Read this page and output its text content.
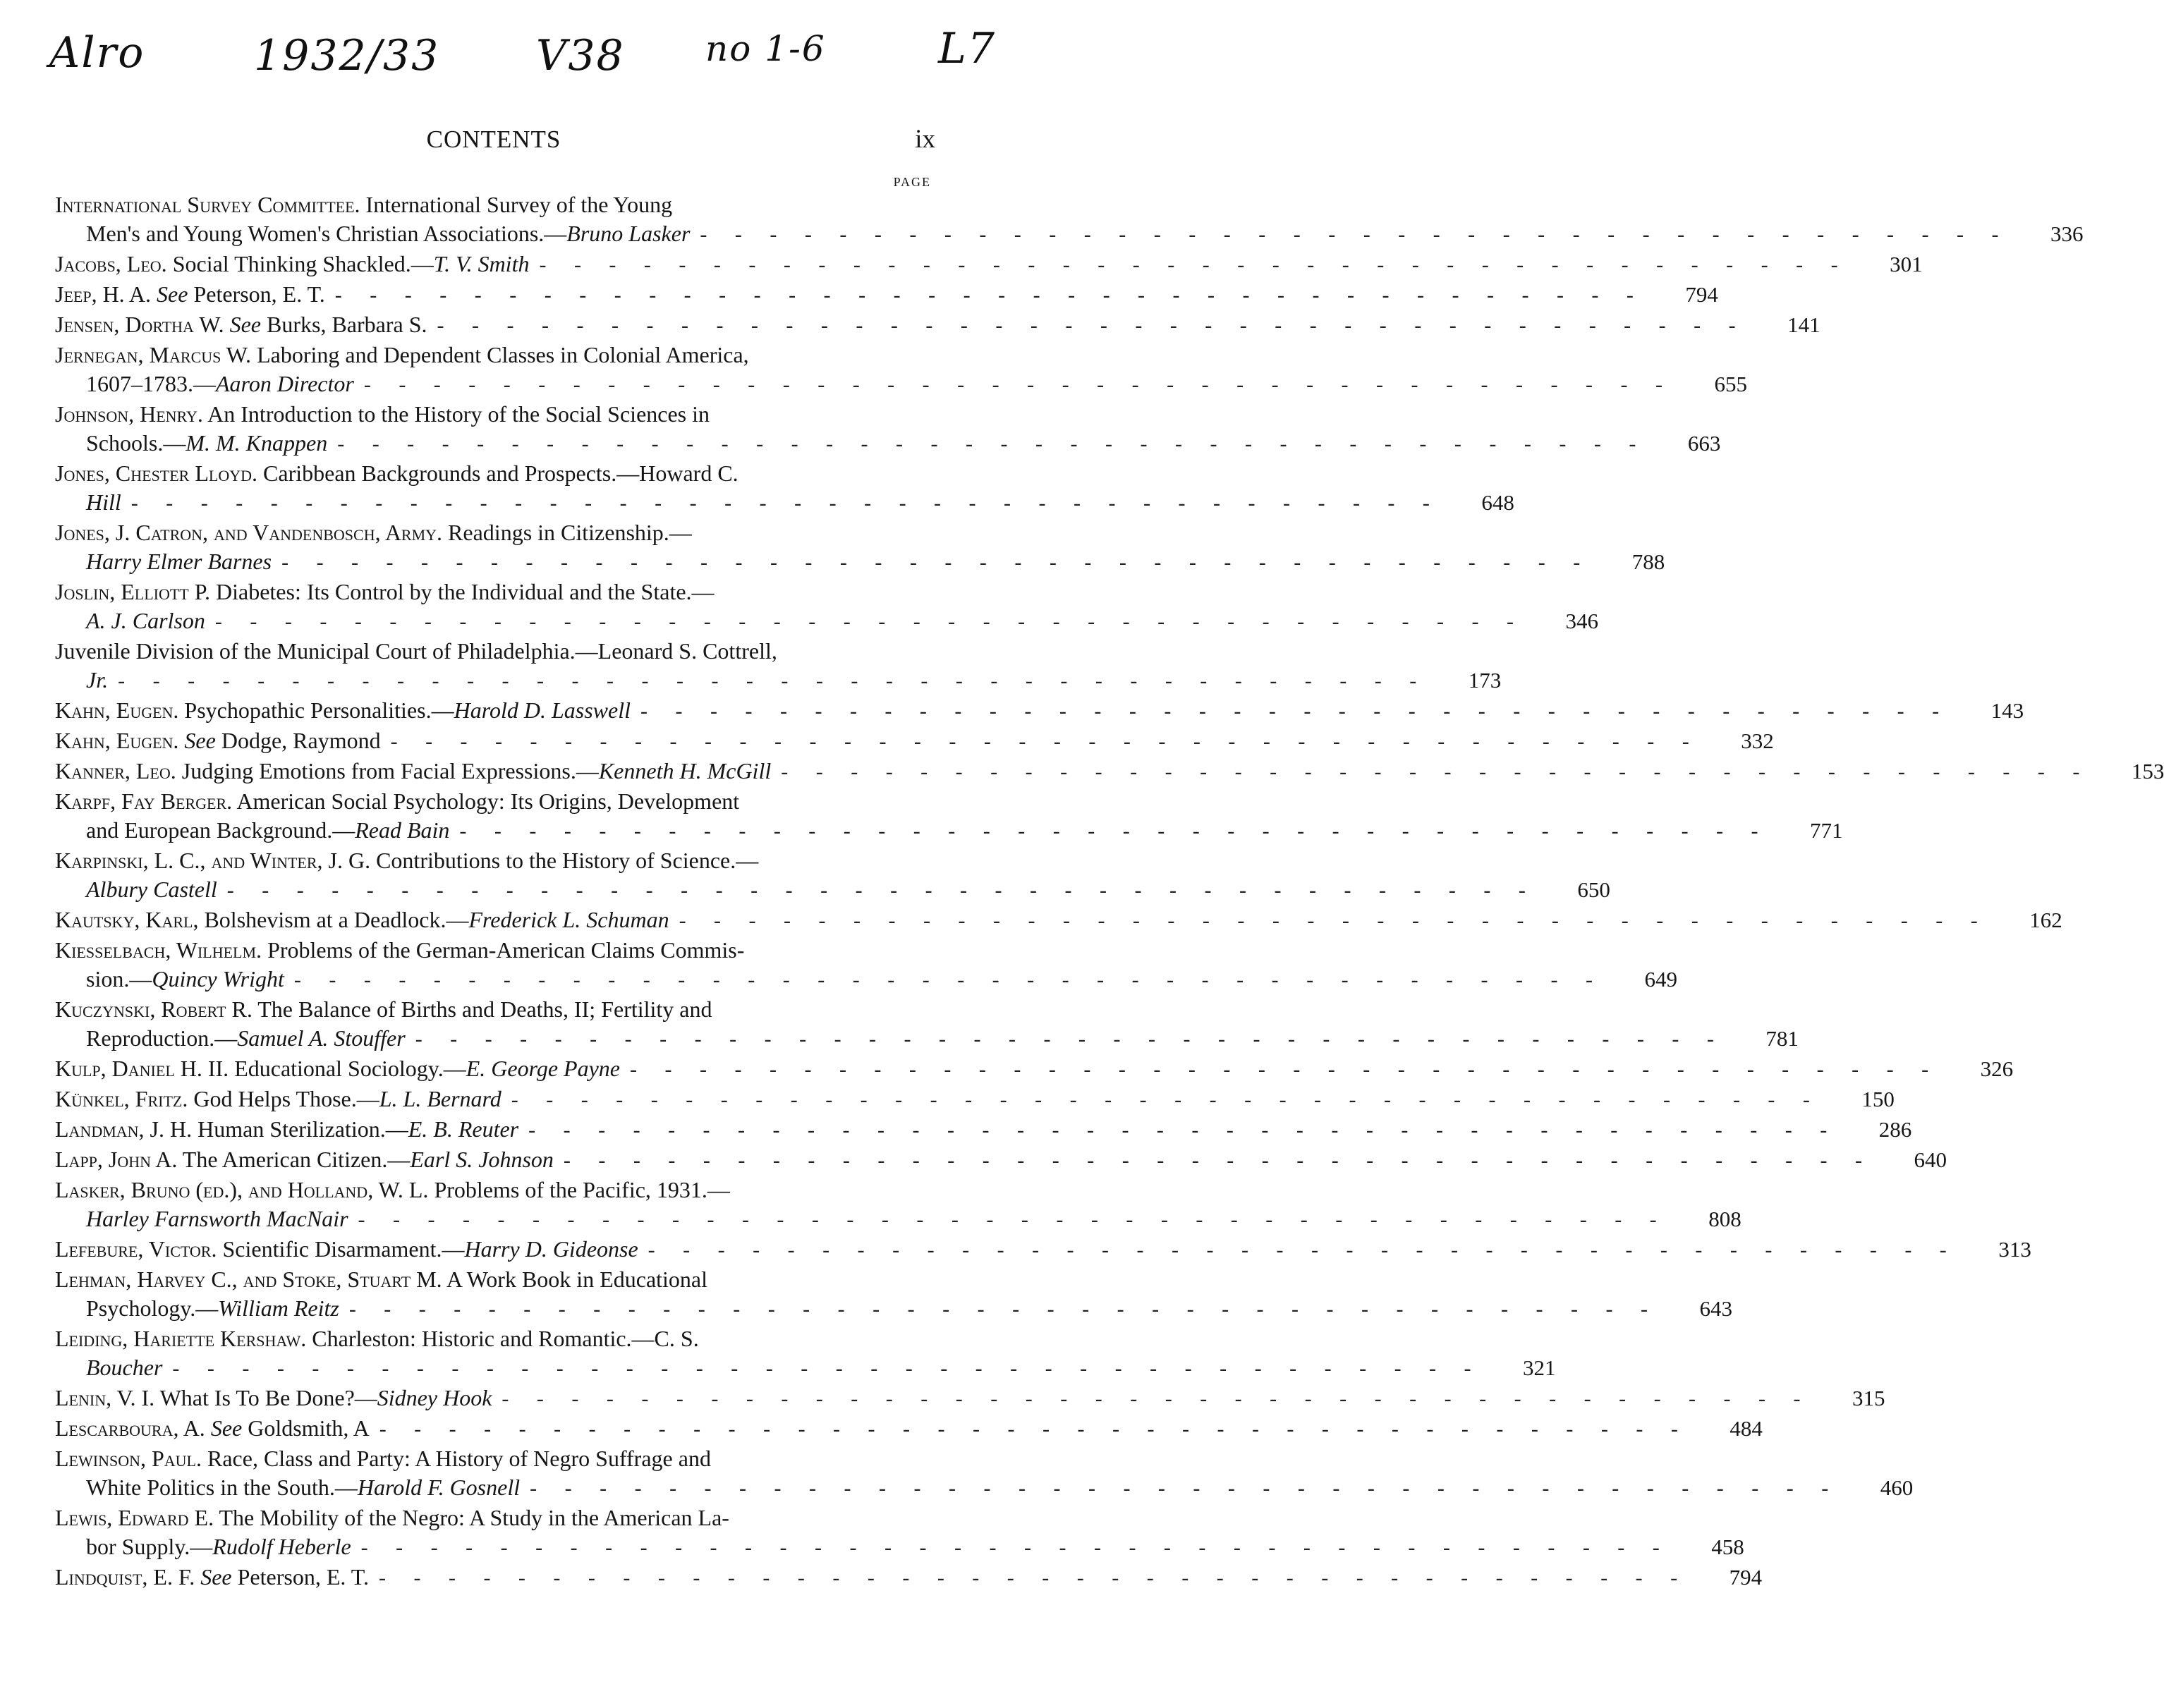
Alro	1932/33 V38 no 1-6	L7
CONTENTS	ix
PAGE
International Survey Committee. International Survey of the Young
Men's and Young Women's Christian Associations.—Bruno Lasker - - - - - - - - - - - - - - - - - - - - - - - - - - - - - - - - - - - - - -	336
Jacobs, Leo. Social Thinking Shackled.—T. V. Smith - - - - - - - - - - - - - - - - - - - - - - - - - - - - - - - - - - - - - -	301
Jeep, H. A. See Peterson, E. T. - - - - - - - - - - - - - - - - - - - - - - - - - - - - - - - - - - - - - -	794
Jensen, Dortha W. See Burks, Barbara S. - - - - - - - - - - - - - - - - - - - - - - - - - - - - - - - - - - - - - -	141
Jernegan, Marcus W. Laboring and Dependent Classes in Colonial America,
1607–1783.—Aaron Director - - - - - - - - - - - - - - - - - - - - - - - - - - - - - - - - - - - - - -	655
Johnson, Henry. An Introduction to the History of the Social Sciences in
Schools.—M. M. Knappen - - - - - - - - - - - - - - - - - - - - - - - - - - - - - - - - - - - - - -	663
Jones, Chester Lloyd. Caribbean Backgrounds and Prospects.—Howard C.
Hill - - - - - - - - - - - - - - - - - - - - - - - - - - - - - - - - - - - - - -	648
Jones, J. Catron, and Vandenbosch, Army. Readings in Citizenship.—
Harry Elmer Barnes - - - - - - - - - - - - - - - - - - - - - - - - - - - - - - - - - - - - - -	788
Joslin, Elliott P. Diabetes: Its Control by the Individual and the State.—
A. J. Carlson - - - - - - - - - - - - - - - - - - - - - - - - - - - - - - - - - - - - - -	346
Juvenile Division of the Municipal Court of Philadelphia.—Leonard S. Cottrell,
Jr. - - - - - - - - - - - - - - - - - - - - - - - - - - - - - - - - - - - - - -	173
Kahn, Eugen. Psychopathic Personalities.—Harold D. Lasswell - - - - - - - - - - - - - - - - - - - - - - - - - - - - - - - - - - - - - -	143
Kahn, Eugen. See Dodge, Raymond - - - - - - - - - - - - - - - - - - - - - - - - - - - - - - - - - - - - - -	332
Kanner, Leo. Judging Emotions from Facial Expressions.—Kenneth H. McGill - - - - - - - - - - - - - - - - - - - - - - - - - - - - - - - - - - - - - -	153
Karpf, Fay Berger. American Social Psychology: Its Origins, Development
and European Background.—Read Bain - - - - - - - - - - - - - - - - - - - - - - - - - - - - - - - - - - - - - -	771
Karpinski, L. C., and Winter, J. G. Contributions to the History of Science.—
Albury Castell - - - - - - - - - - - - - - - - - - - - - - - - - - - - - - - - - - - - - -	650
Kautsky, Karl, Bolshevism at a Deadlock.—Frederick L. Schuman - - - - - - - - - - - - - - - - - - - - - - - - - - - - - - - - - - - - - -	162
Kiesselbach, Wilhelm. Problems of the German-American Claims Commis-
sion.—Quincy Wright - - - - - - - - - - - - - - - - - - - - - - - - - - - - - - - - - - - - - -	649
Kuczynski, Robert R. The Balance of Births and Deaths, II; Fertility and
Reproduction.—Samuel A. Stouffer - - - - - - - - - - - - - - - - - - - - - - - - - - - - - - - - - - - - - -	781
Kulp, Daniel H. II. Educational Sociology.—E. George Payne - - - - - - - - - - - - - - - - - - - - - - - - - - - - - - - - - - - - - -	326
Künkel, Fritz. God Helps Those.—L. L. Bernard - - - - - - - - - - - - - - - - - - - - - - - - - - - - - - - - - - - - - -	150
Landman, J. H. Human Sterilization.—E. B. Reuter - - - - - - - - - - - - - - - - - - - - - - - - - - - - - - - - - - - - - -	286
Lapp, John A. The American Citizen.—Earl S. Johnson - - - - - - - - - - - - - - - - - - - - - - - - - - - - - - - - - - - - - -	640
Lasker, Bruno (ed.), and Holland, W. L. Problems of the Pacific, 1931.—
Harley Farnsworth MacNair - - - - - - - - - - - - - - - - - - - - - - - - - - - - - - - - - - - - - -	808
Lefebure, Victor. Scientific Disarmament.—Harry D. Gideonse - - - - - - - - - - - - - - - - - - - - - - - - - - - - - - - - - - - - - -	313
Lehman, Harvey C., and Stoke, Stuart M. A Work Book in Educational
Psychology.—William Reitz - - - - - - - - - - - - - - - - - - - - - - - - - - - - - - - - - - - - - -	643
Leiding, Hariette Kershaw. Charleston: Historic and Romantic.—C. S.
Boucher - - - - - - - - - - - - - - - - - - - - - - - - - - - - - - - - - - - - - -	321
Lenin, V. I. What Is To Be Done?—Sidney Hook - - - - - - - - - - - - - - - - - - - - - - - - - - - - - - - - - - - - - -	315
Lescarboura, A. See Goldsmith, A - - - - - - - - - - - - - - - - - - - - - - - - - - - - - - - - - - - - - -	484
Lewinson, Paul. Race, Class and Party: A History of Negro Suffrage and
White Politics in the South.—Harold F. Gosnell - - - - - - - - - - - - - - - - - - - - - - - - - - - - - - - - - - - - - -	460
Lewis, Edward E. The Mobility of the Negro: A Study in the American La-
bor Supply.—Rudolf Heberle - - - - - - - - - - - - - - - - - - - - - - - - - - - - - - - - - - - - - -	458
Lindquist, E. F. See Peterson, E. T. - - - - - - - - - - - - - - - - - - - - - - - - - - - - - - - - - - - - - -	794
